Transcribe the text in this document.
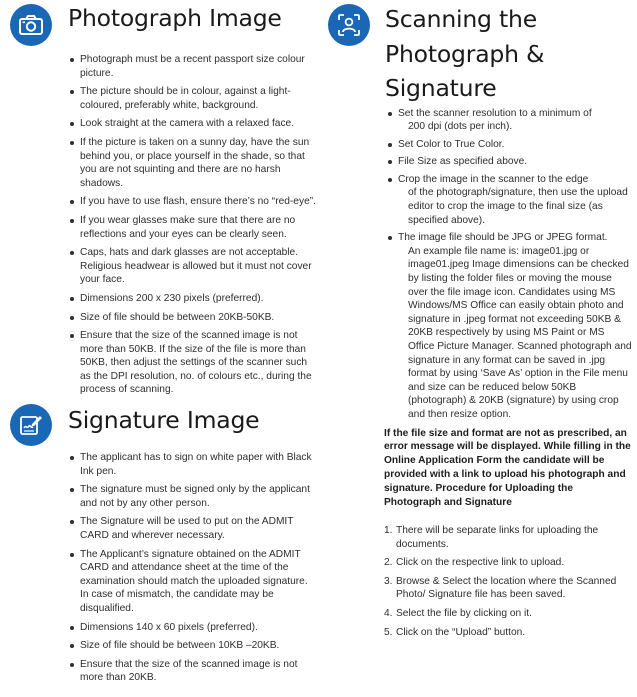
Photograph Image
Photograph must be a recent passport size colour picture.
The picture should be in colour, against a light-coloured, preferably white, background.
Look straight at the camera with a relaxed face.
If the picture is taken on a sunny day, have the sun behind you, or place yourself in the shade, so that you are not squinting and there are no harsh shadows.
If you have to use flash, ensure there’s no “red-eye”.
If you wear glasses make sure that there are no reflections and your eyes can be clearly seen.
Caps, hats and dark glasses are not acceptable. Religious headwear is allowed but it must not cover your face.
Dimensions 200 x 230 pixels (preferred).
Size of file should be between 20KB-50KB.
Ensure that the size of the scanned image is not more than 50KB. If the size of the file is more than 50KB, then adjust the settings of the scanner such as the DPI resolution, no. of colours etc., during the process of scanning.
Signature Image
The applicant has to sign on white paper with Black Ink pen.
The signature must be signed only by the applicant and not by any other person.
The Signature will be used to put on the ADMIT CARD and wherever necessary.
The Applicant’s signature obtained on the ADMIT CARD and attendance sheet at the time of the examination should match the uploaded signature. In case of mismatch, the candidate may be disqualified.
Dimensions 140 x 60 pixels (preferred).
Size of file should be between 10KB –20KB.
Ensure that the size of the scanned image is not more than 20KB.
Scanning the
Photograph &
Signature
Set the scanner resolution to a minimum of
200 dpi (dots per inch).
Set Color to True Color.
File Size as specified above.
Crop the image in the scanner to the edge
of the photograph/signature, then use the upload editor to crop the image to the final size (as specified above).
The image file should be JPG or JPEG format.
An example file name is: image01.jpg or image01.jpeg Image dimensions can be checked by listing the folder files or moving the mouse over the file image icon. Candidates using MS Windows/MS Office can easily obtain photo and signature in .jpeg format not exceeding 50KB & 20KB respectively by using MS Paint or MS Office Picture Manager. Scanned photograph and signature in any format can be saved in .jpg format by using ‘Save As’ option in the File menu and size can be reduced below 50KB (photograph) & 20KB (signature) by using crop and then resize option.

If the file size and format are not as prescribed, an error message will be displayed. While filling in the Online Application Form the candidate will be provided with a link to upload his photograph and signature. Procedure for Uploading the Photograph and Signature

1. There will be separate links for uploading the documents.
2. Click on the respective link to upload.
3. Browse & Select the location where the Scanned Photo/ Signature file has been saved.
4. Select the file by clicking on it.
5. Click on the “Upload” button.
